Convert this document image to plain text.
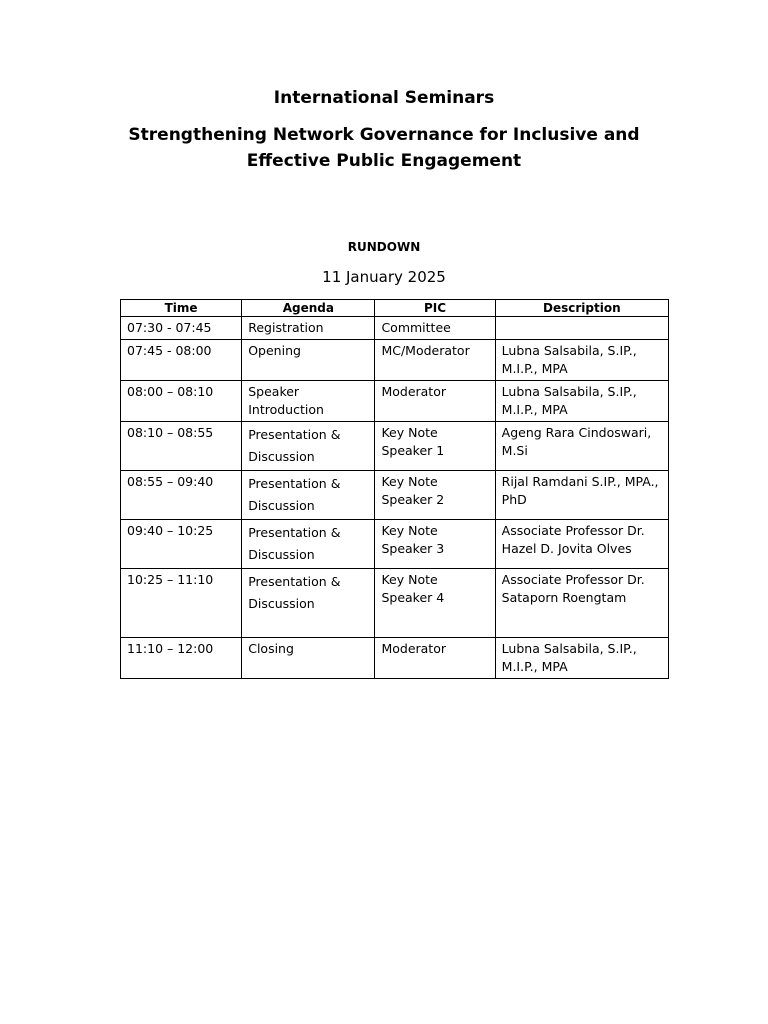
International Seminars
Strengthening Network Governance for Inclusive and Effective Public Engagement
RUNDOWN
11 January 2025
Time	Agenda	PIC	Description
07:30 - 07:45	Registration	Committee	
07:45 - 08:00	Opening	MC/Moderator	Lubna Salsabila, S.IP., M.I.P., MPA
08:00 – 08:10	Speaker Introduction	Moderator	Lubna Salsabila, S.IP., M.I.P., MPA
08:10 – 08:55	Presentation & Discussion	Key Note Speaker 1	Ageng Rara Cindoswari, M.Si
08:55 – 09:40	Presentation & Discussion	Key Note Speaker 2	Rijal Ramdani S.IP., MPA., PhD
09:40 – 10:25	Presentation & Discussion	Key Note Speaker 3	Associate Professor Dr. Hazel D. Jovita Olves
10:25 – 11:10	Presentation & Discussion	Key Note Speaker 4	Associate Professor Dr. Sataporn Roengtam
11:10 – 12:00	Closing	Moderator	Lubna Salsabila, S.IP., M.I.P., MPA
